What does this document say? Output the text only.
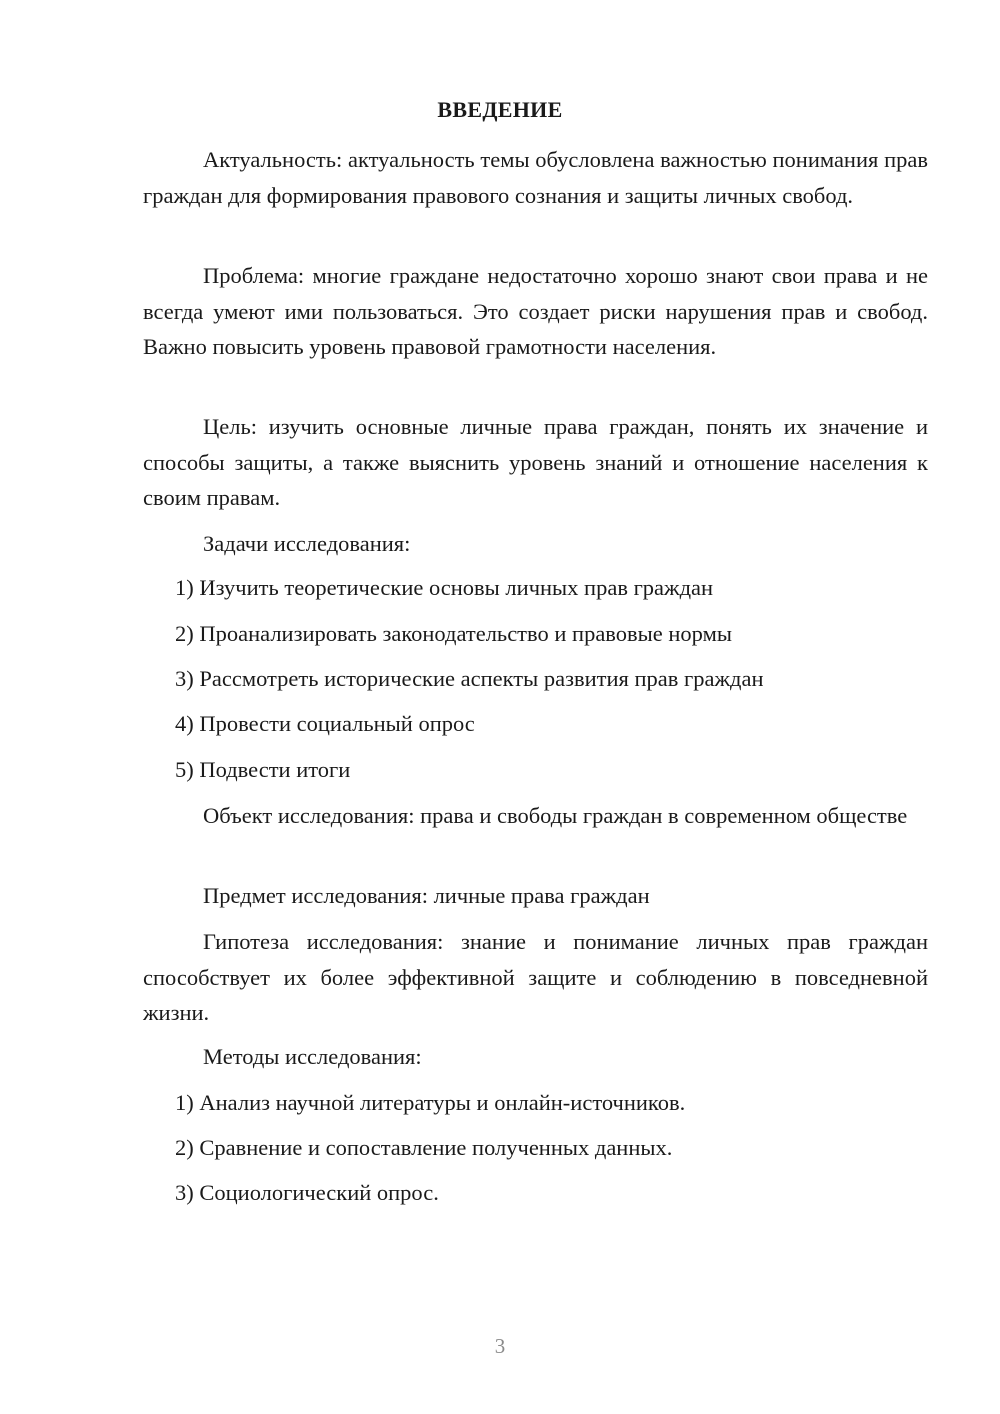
ВВЕДЕНИЕ

Актуальность: актуальность темы обусловлена важностью понимания прав граждан для формирования правового сознания и защиты личных свобод.

Проблема: многие граждане недостаточно хорошо знают свои права и не всегда умеют ими пользоваться. Это создает риски нарушения прав и свобод. Важно повысить уровень правовой грамотности населения.

Цель: изучить основные личные права граждан, понять их значение и способы защиты, а также выяснить уровень знаний и отношение населения к своим правам.

Задачи исследования:
1) Изучить теоретические основы личных прав граждан
2) Проанализировать законодательство и правовые нормы
3) Рассмотреть исторические аспекты развития прав граждан
4) Провести социальный опрос
5) Подвести итоги

Объект исследования: права и свободы граждан в современном обществе

Предмет исследования: личные права граждан

Гипотеза исследования: знание и понимание личных прав граждан способствует их более эффективной защите и соблюдению в повседневной жизни.

Методы исследования:
1) Анализ научной литературы и онлайн-источников.
2) Сравнение и сопоставление полученных данных.
3) Социологический опрос.
3
